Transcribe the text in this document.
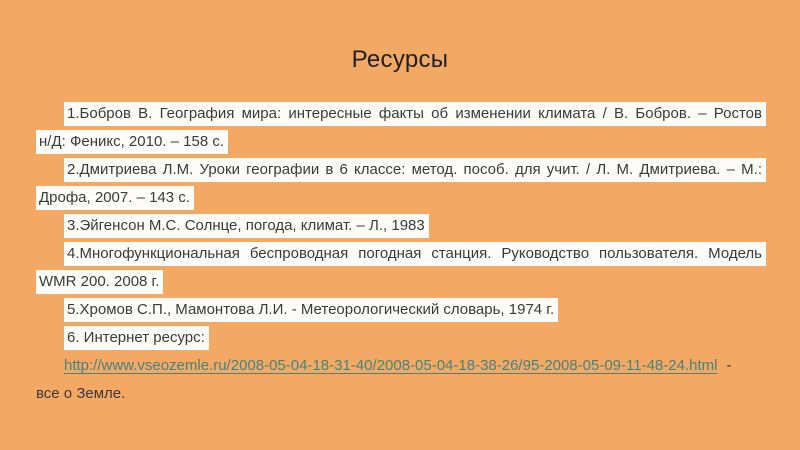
Ресурсы
1.Бобров В. География мира: интересные факты об изменении климата / В. Бобров. – Ростов
н/Д: Феникс, 2010. – 158 с.
2.Дмитриева Л.М. Уроки географии в 6 классе: метод. пособ. для учит. / Л. М. Дмитриева. – М.:
Дрофа, 2007. – 143 с.
3.Эйгенсон М.С. Солнце, погода, климат. – Л., 1983
4.Многофункциональная беспроводная погодная станция. Руководство пользователя. Модель
WMR 200. 2008 г.
5.Хромов С.П., Мамонтова Л.И. - Метеорологический словарь, 1974 г.
6. Интернет ресурс:
http://www.vseozemle.ru/2008-05-04-18-31-40/2008-05-04-18-38-26/95-2008-05-09-11-48-24.html -
все о Земле.
